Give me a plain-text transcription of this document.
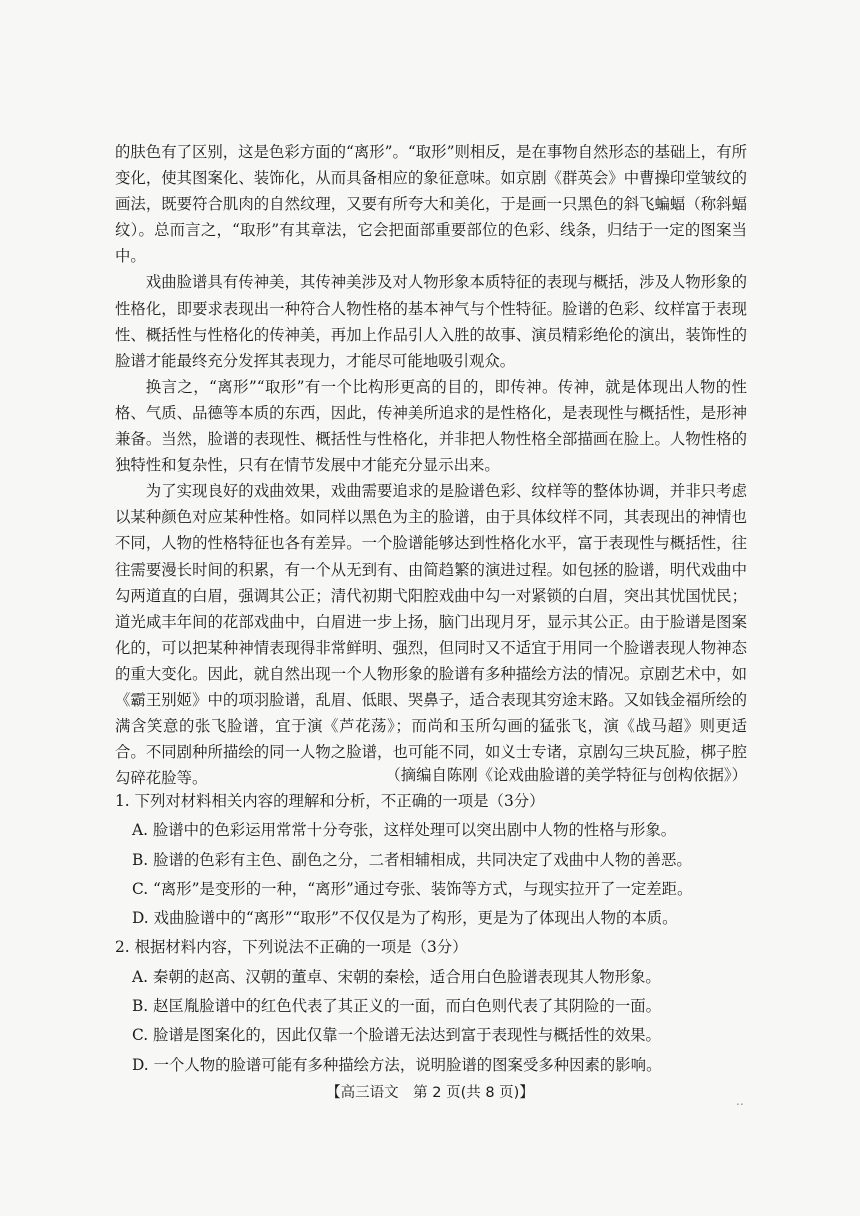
的肤色有了区别，这是色彩方面的“离形”。“取形”则相反，是在事物自然形态的基础上，有所变化，使其图案化、装饰化，从而具备相应的象征意味。如京剧《群英会》中曹操印堂皱纹的画法，既要符合肌肉的自然纹理，又要有所夸大和美化，于是画一只黑色的斜飞蝙蝠（称斜蝠纹）。总而言之，“取形”有其章法，它会把面部重要部位的色彩、线条，归结于一定的图案当中。

戏曲脸谱具有传神美，其传神美涉及对人物形象本质特征的表现与概括，涉及人物形象的性格化，即要求表现出一种符合人物性格的基本神气与个性特征。脸谱的色彩、纹样富于表现性、概括性与性格化的传神美，再加上作品引人入胜的故事、演员精彩绝伦的演出，装饰性的脸谱才能最终充分发挥其表现力，才能尽可能地吸引观众。

换言之，“离形”“取形”有一个比构形更高的目的，即传神。传神，就是体现出人物的性格、气质、品德等本质的东西，因此，传神美所追求的是性格化，是表现性与概括性，是形神兼备。当然，脸谱的表现性、概括性与性格化，并非把人物性格全部描画在脸上。人物性格的独特性和复杂性，只有在情节发展中才能充分显示出来。

为了实现良好的戏曲效果，戏曲需要追求的是脸谱色彩、纹样等的整体协调，并非只考虑以某种颜色对应某种性格。如同样以黑色为主的脸谱，由于具体纹样不同，其表现出的神情也不同，人物的性格特征也各有差异。一个脸谱能够达到性格化水平，富于表现性与概括性，往往需要漫长时间的积累，有一个从无到有、由简趋繁的演进过程。如包拯的脸谱，明代戏曲中勾两道直的白眉，强调其公正；清代初期弋阳腔戏曲中勾一对紧锁的白眉，突出其忧国忧民；道光咸丰年间的花部戏曲中，白眉进一步上扬，脑门出现月牙，显示其公正。由于脸谱是图案化的，可以把某种神情表现得非常鲜明、强烈，但同时又不适宜于用同一个脸谱表现人物神态的重大变化。因此，就自然出现一个人物形象的脸谱有多种描绘方法的情况。京剧艺术中，如《霸王别姬》中的项羽脸谱，乱眉、低眼、哭鼻子，适合表现其穷途末路。又如钱金福所绘的满含笑意的张飞脸谱，宜于演《芦花荡》；而尚和玉所勾画的猛张飞，演《战马超》则更适合。不同剧种所描绘的同一人物之脸谱，也可能不同，如义士专诸，京剧勾三块瓦脸，梆子腔勾碎花脸等。	（摘编自陈刚《论戏曲脸谱的美学特征与创构依据》）

1. 下列对材料相关内容的理解和分析，不正确的一项是（3分）

A. 脸谱中的色彩运用常常十分夸张，这样处理可以突出剧中人物的性格与形象。

B. 脸谱的色彩有主色、副色之分，二者相辅相成，共同决定了戏曲中人物的善恶。

C. “离形”是变形的一种，“离形”通过夸张、装饰等方式，与现实拉开了一定差距。

D. 戏曲脸谱中的“离形”“取形”不仅仅是为了构形，更是为了体现出人物的本质。

2. 根据材料内容，下列说法不正确的一项是（3分）

A. 秦朝的赵高、汉朝的董卓、宋朝的秦桧，适合用白色脸谱表现其人物形象。

B. 赵匡胤脸谱中的红色代表了其正义的一面，而白色则代表了其阴险的一面。

C. 脸谱是图案化的，因此仅靠一个脸谱无法达到富于表现性与概括性的效果。

D. 一个人物的脸谱可能有多种描绘方法，说明脸谱的图案受多种因素的影响。

【高三语文　第 2 页(共 8 页)】	..
